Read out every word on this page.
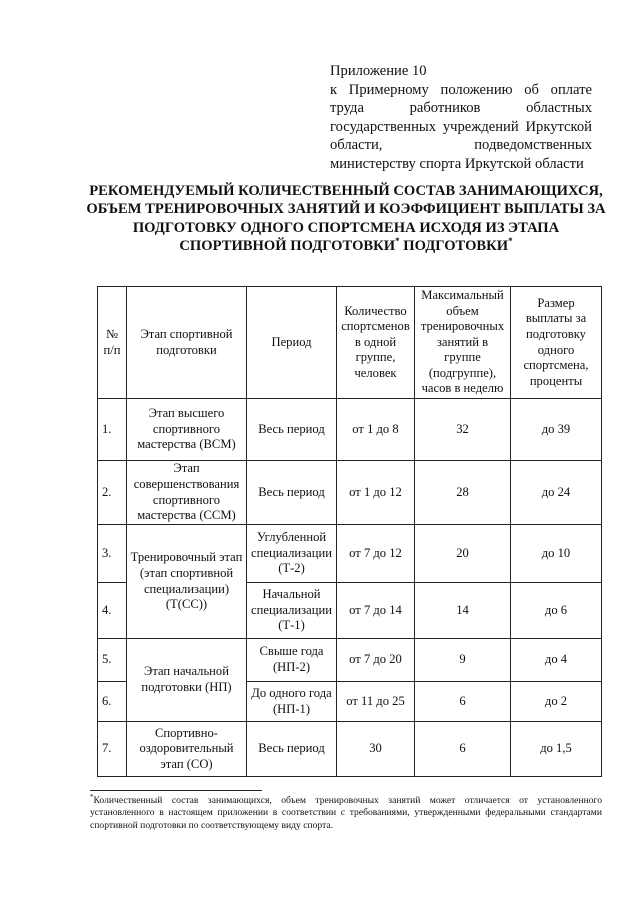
Приложение 10
к Примерному положению об оплате труда работников областных государственных учреждений Иркутской области, подведомственных министерству спорта Иркутской области
РЕКОМЕНДУЕМЫЙ КОЛИЧЕСТВЕННЫЙ СОСТАВ ЗАНИМАЮЩИХСЯ, ОБЪЕМ ТРЕНИРОВОЧНЫХ ЗАНЯТИЙ И КОЭФФИЦИЕНТ ВЫПЛАТЫ ЗА ПОДГОТОВКУ ОДНОГО СПОРТСМЕНА ИСХОДЯ ИЗ ЭТАПА СПОРТИВНОЙ ПОДГОТОВКИ* ПОДГОТОВКИ*
№ п/п	Этап спортивной подготовки	Период	Количество спортсменов в одной группе, человек	Максимальный объем тренировочных занятий в группе (подгруппе), часов в неделю	Размер выплаты за подготовку одного спортсмена, проценты
1.	Этап высшего спортивного мастерства (ВСМ)	Весь период	от 1 до 8	32	до 39
2.	Этап совершенствования спортивного мастерства (ССМ)	Весь период	от 1 до 12	28	до 24
3.	Тренировочный этап (этап спортивной специализации) (Т(СС))	Углубленной специализации (Т-2)	от 7 до 12	20	до 10
4.		Начальной специализации (Т-1)	от 7 до 14	14	до 6
5.	Этап начальной подготовки (НП)	Свыше года (НП-2)	от 7 до 20	9	до 4
6.		До одного года (НП-1)	от 11 до 25	6	до 2
7.	Спортивно-оздоровительный этап (СО)	Весь период	30	6	до 1,5
*Количественный состав занимающихся, объем тренировочных занятий может отличается от установленного установленного в настоящем приложении в соответствии с требованиями, утвержденными федеральными стандартами спортивной подготовки по соответствующему виду спорта.
